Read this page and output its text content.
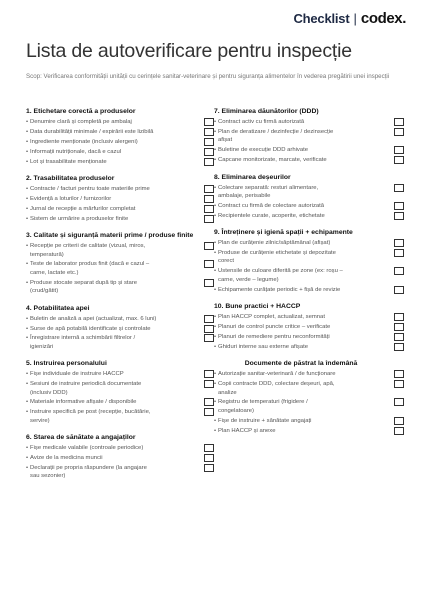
Checklist | codex.
Lista de autoverificare pentru inspecție

Scop: Verificarea conformității unității cu cerințele sanitar-veterinare și pentru siguranța alimentelor în vederea pregătirii unei inspecții

1. Etichetare corectă a produselor
• Denumire clară și completă pe ambalaj
• Data durabilității minimale / expirării este lizibilă
• Ingrediente menționate (inclusiv alergeni)
• Informații nutriționale, dacă e cazul
• Lot și trasabilitate menționate
2. Trasabilitatea produselor
• Contracte / facturi pentru toate materiile prime
• Evidență a loturilor / furnizorilor
• Jurnal de recepție a mărfurilor completat
• Sistem de urmărire a produselor finite
3. Calitate și siguranță materii prime / produse finite
• Recepție pe criterii de calitate (vizual, miros,
temperatură)
• Teste de laborator produs finit (dacă e cazul –
carne, lactate etc.)
• Produse stocate separat după tip și stare
(crud/gătit)
4. Potabilitatea apei
• Buletin de analiză a apei (actualizat, max. 6 luni)
• Surse de apă potabilă identificate și controlate
• Înregistrare internă a schimbării filtrelor /
igienizări
5. Instruirea personalului
• Fișe individuale de instruire HACCP
• Sesiuni de instruire periodică documentate
(inclusiv DDD)
• Materiale informative afișate / disponibile
• Instruire specifică pe post (recepție, bucătărie,
servire)
6. Starea de sănătate a angajaților
• Fișe medicale valabile (controale periodice)
• Avize de la medicina muncii
• Declarații pe propria răspundere (la angajare
sau sezonier)
7. Eliminarea dăunătorilor (DDD)
• Contract activ cu firmă autorizată
• Plan de deratizare / dezinfecție / dezinsecție
afișat
• Buletine de execuție DDD arhivate
• Capcane monitorizate, marcate, verificate
8. Eliminarea deșeurilor
• Colectare separată: resturi alimentare,
ambalaje, perisabile
• Contract cu firmă de colectare autorizată
• Recipientele curate, acoperite, etichetate
9. Întreținere și igienă spații + echipamente
• Plan de curățenie zilnic/săptămânal (afișat)
• Produse de curățenie etichetate și depozitate
corect
• Ustensile de culoare diferită pe zone (ex: roșu –
carne, verde – legume)
• Echipamente curățate periodic + fișă de revizie
10. Bune practici + HACCP
• Plan HACCP complet, actualizat, semnat
• Planuri de control puncte critice – verificate
• Planuri de remediere pentru neconformități
• Ghiduri interne sau externe afișate
Documente de păstrat la îndemână
• Autorizație sanitar-veterinară / de funcționare
• Copii contracte DDD, colectare deșeuri, apă,
analize
• Registru de temperaturi (frigidere /
congelatoare)
• Fișe de instruire + sănătate angajați
• Plan HACCP și anexe
